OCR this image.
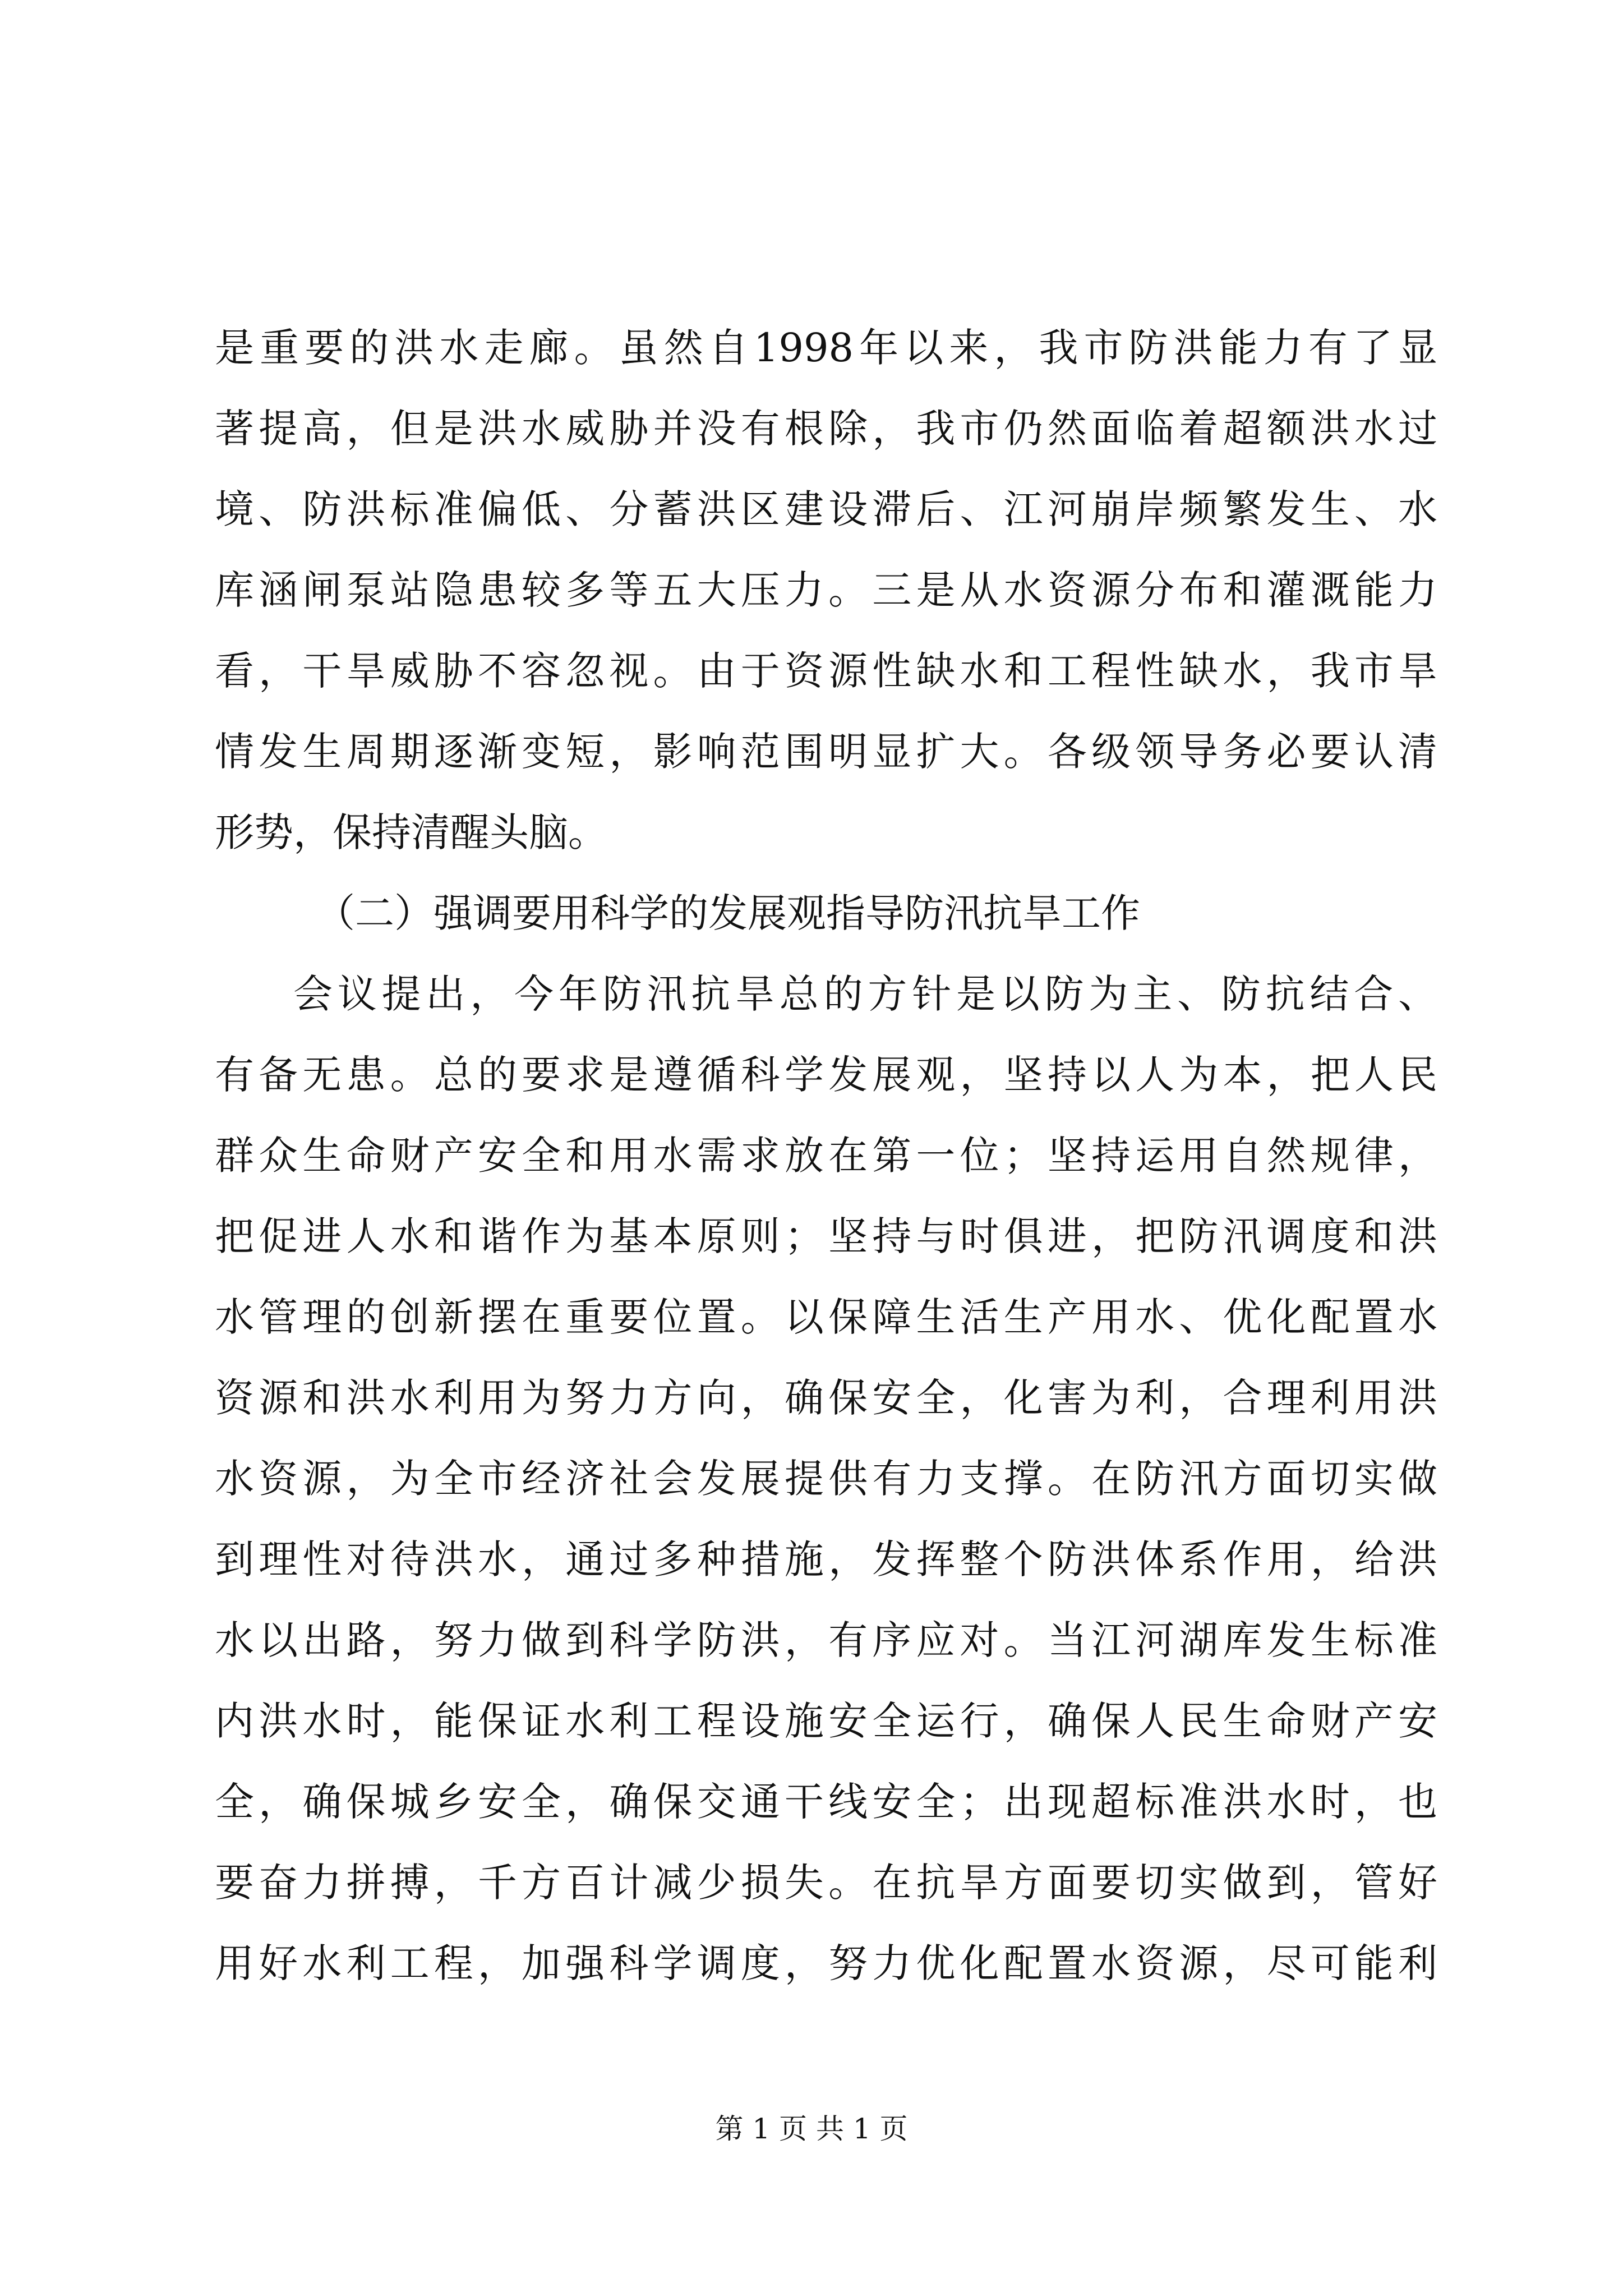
是重要的洪水走廊。虽然自1998年以来，我市防洪能力有了显
著提高，但是洪水威胁并没有根除，我市仍然面临着超额洪水过
境、防洪标准偏低、分蓄洪区建设滞后、江河崩岸频繁发生、水
库涵闸泵站隐患较多等五大压力。三是从水资源分布和灌溉能力
看，干旱威胁不容忽视。由于资源性缺水和工程性缺水，我市旱
情发生周期逐渐变短，影响范围明显扩大。各级领导务必要认清
形势，保持清醒头脑。
（二）强调要用科学的发展观指导防汛抗旱工作
会议提出，今年防汛抗旱总的方针是以防为主、防抗结合、
有备无患。总的要求是遵循科学发展观，坚持以人为本，把人民
群众生命财产安全和用水需求放在第一位；坚持运用自然规律，
把促进人水和谐作为基本原则；坚持与时俱进，把防汛调度和洪
水管理的创新摆在重要位置。以保障生活生产用水、优化配置水
资源和洪水利用为努力方向，确保安全，化害为利，合理利用洪
水资源，为全市经济社会发展提供有力支撑。在防汛方面切实做
到理性对待洪水，通过多种措施，发挥整个防洪体系作用，给洪
水以出路，努力做到科学防洪，有序应对。当江河湖库发生标准
内洪水时，能保证水利工程设施安全运行，确保人民生命财产安
全，确保城乡安全，确保交通干线安全；出现超标准洪水时，也
要奋力拼搏，千方百计减少损失。在抗旱方面要切实做到，管好
用好水利工程，加强科学调度，努力优化配置水资源，尽可能利
第 1 页 共 1 页
